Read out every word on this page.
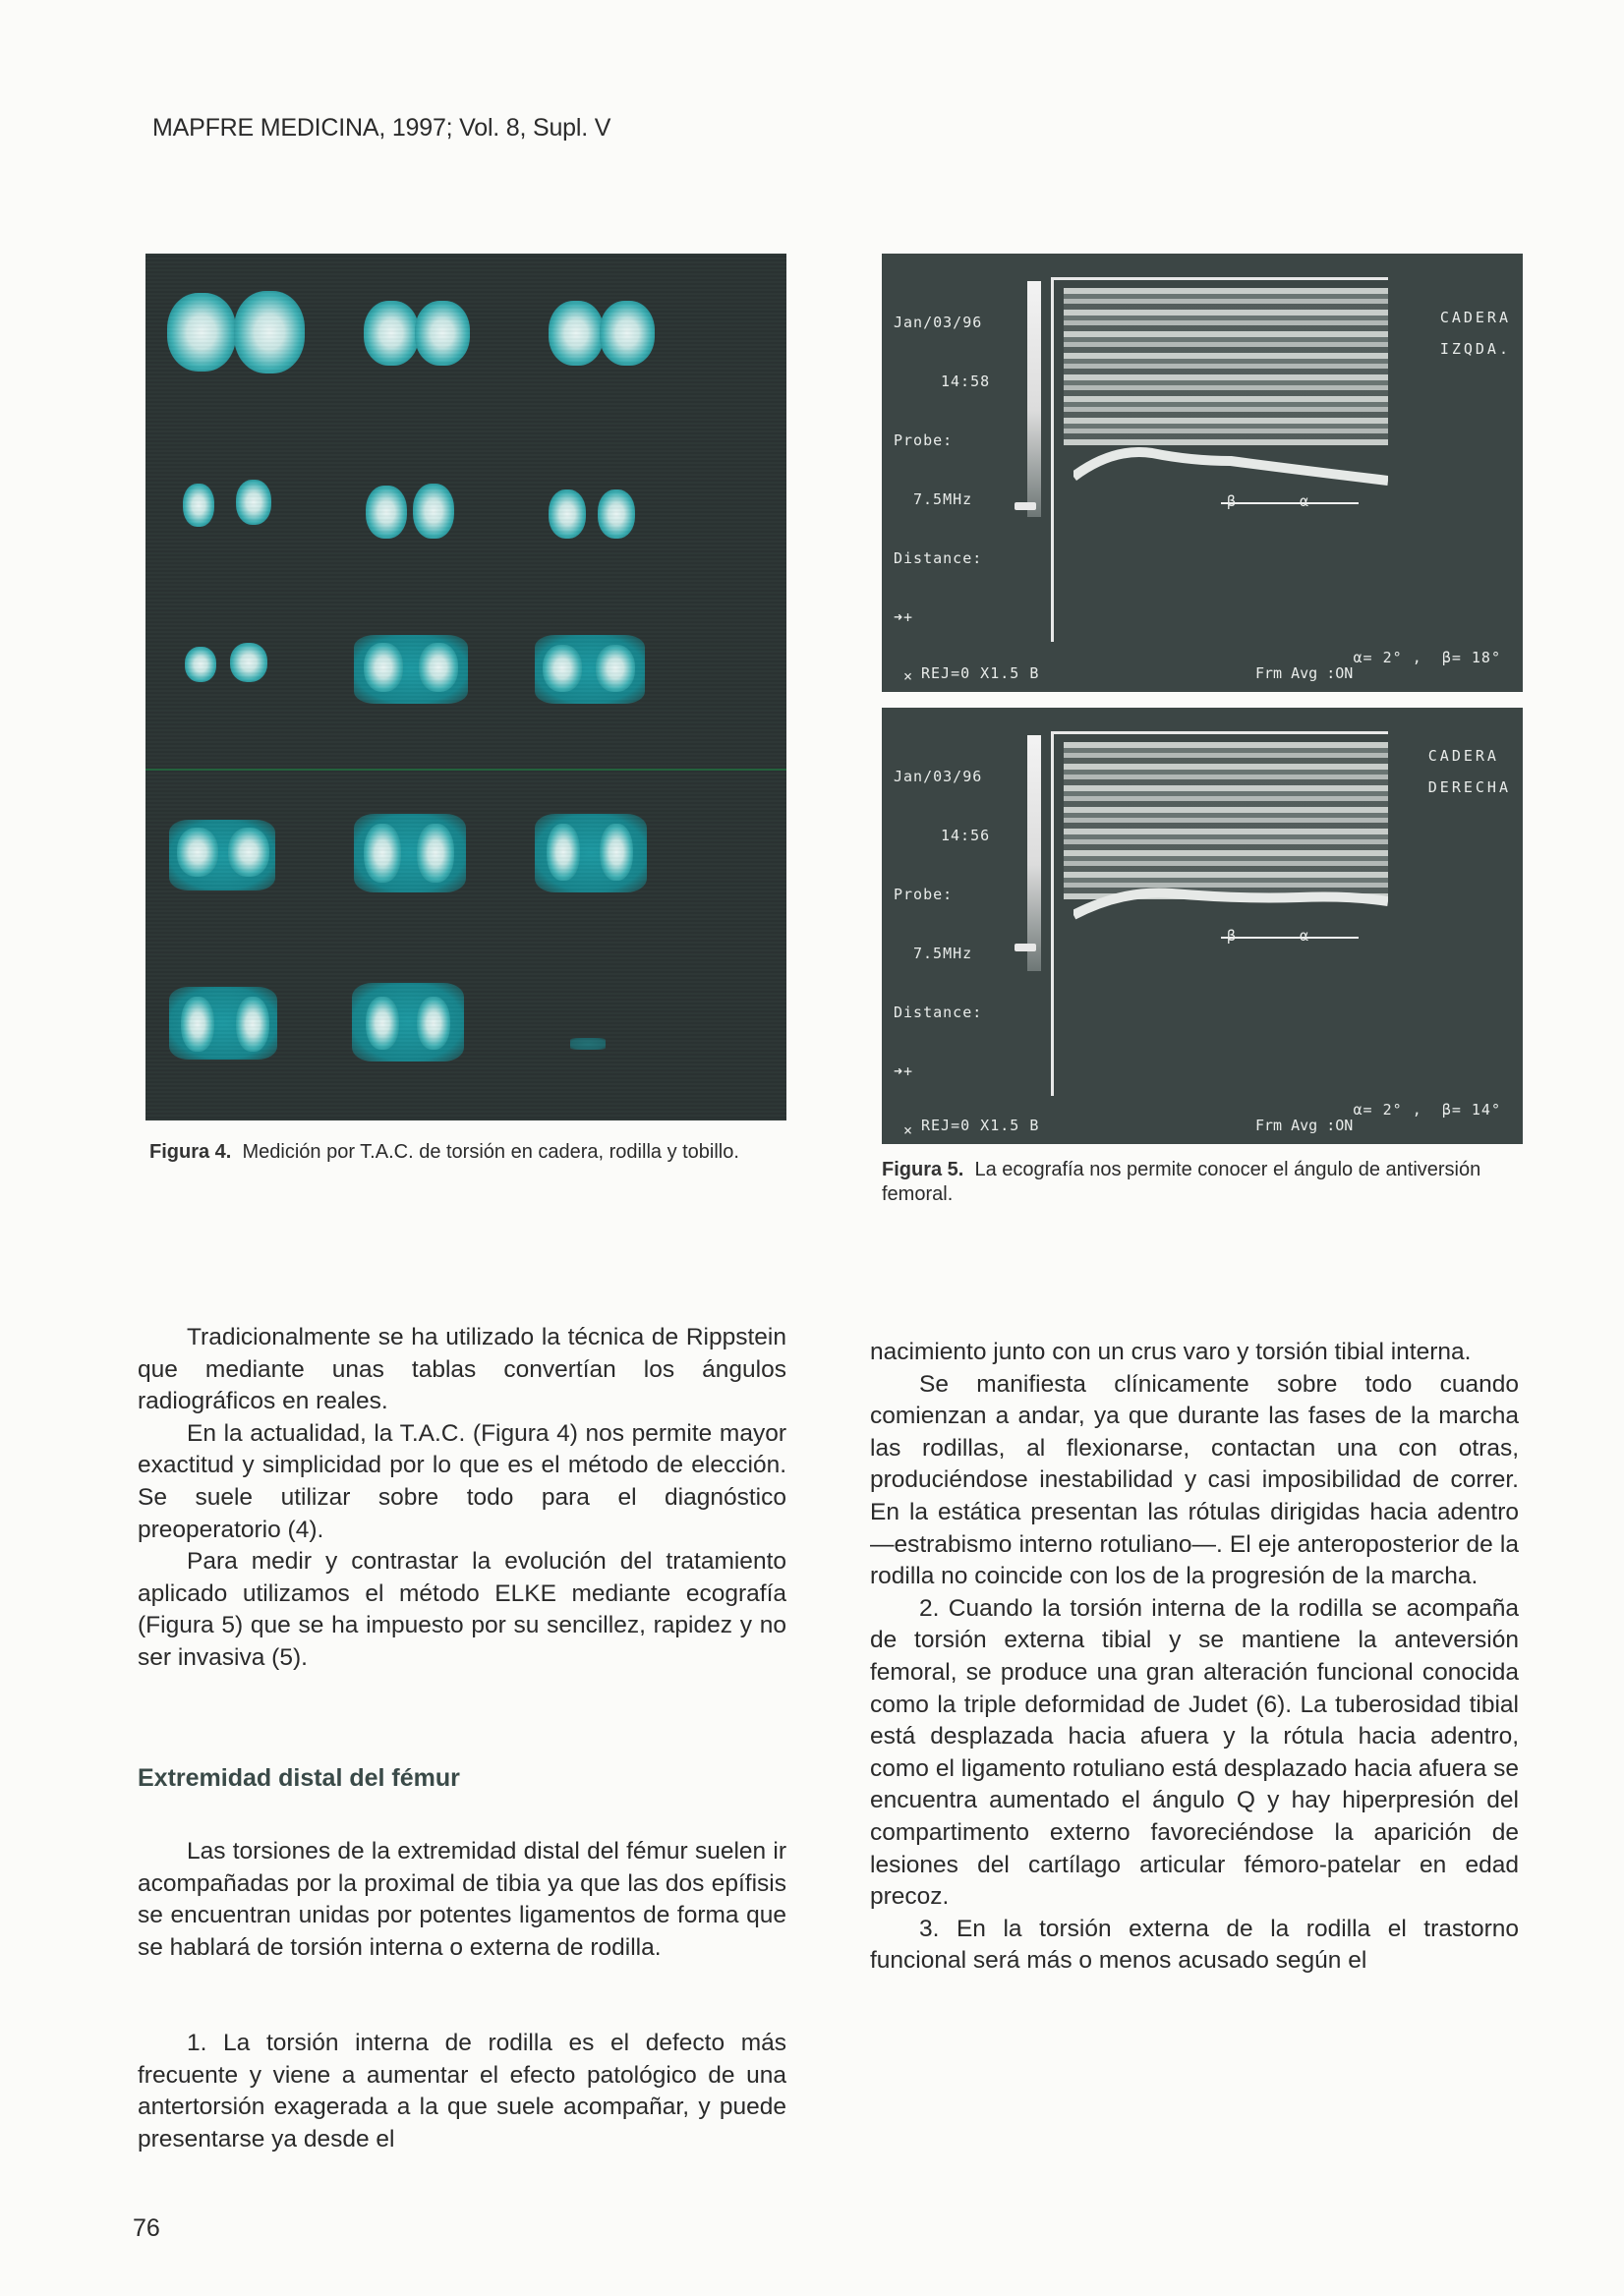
MAPFRE MEDICINA, 1997; Vol. 8, Supl. V
Figura 4. Medición por T.A.C. de torsión en cadera, rodilla y tobillo.

Jan/03/96

14:58

Probe:

7.5MHz

Distance:

➜+

×

β	α
CADERA
IZQDA.
α= 2° , β= 18°
REJ=0 X1.5 B	Frm Avg :ON

Jan/03/96

14:56

Probe:

7.5MHz

Distance:

➜+

×

β	α
CADERA
DERECHA
α= 2° , β= 14°
REJ=0 X1.5 B	Frm Avg :ON
Figura 5. La ecografía nos permite conocer el ángulo de antiversión femoral.

Tradicionalmente se ha utilizado la técnica de Rippstein que mediante unas tablas convertían los ángulos radiográficos en reales.

En la actualidad, la T.A.C. (Figura 4) nos permite mayor exactitud y simplicidad por lo que es el método de elección. Se suele utilizar sobre todo para el diagnóstico preoperatorio (4).

Para medir y contrastar la evolución del tratamiento aplicado utilizamos el método ELKE mediante ecografía (Figura 5) que se ha impuesto por su sencillez, rapidez y no ser invasiva (5).

Extremidad distal del fémur

Las torsiones de la extremidad distal del fémur suelen ir acompañadas por la proximal de tibia ya que las dos epífisis se encuentran unidas por potentes ligamentos de forma que se hablará de torsión interna o externa de rodilla.

1. La torsión interna de rodilla es el defecto más frecuente y viene a aumentar el efecto patológico de una antertorsión exagerada a la que suele acompañar, y puede presentarse ya desde el

nacimiento junto con un crus varo y torsión tibial interna.

Se manifiesta clínicamente sobre todo cuando comienzan a andar, ya que durante las fases de la marcha las rodillas, al flexionarse, contactan una con otras, produciéndose inestabilidad y casi imposibilidad de correr. En la estática presentan las rótulas dirigidas hacia adentro —estrabismo interno rotuliano—. El eje anteroposterior de la rodilla no coincide con los de la progresión de la marcha.

2. Cuando la torsión interna de la rodilla se acompaña de torsión externa tibial y se mantiene la anteversión femoral, se produce una gran alteración funcional conocida como la triple deformidad de Judet (6). La tuberosidad tibial está desplazada hacia afuera y la rótula hacia adentro, como el ligamento rotuliano está desplazado hacia afuera se encuentra aumentado el ángulo Q y hay hiperpresión del compartimento externo favoreciéndose la aparición de lesiones del cartílago articular fémoro-patelar en edad precoz.

3. En la torsión externa de la rodilla el trastorno funcional será más o menos acusado según el

76
